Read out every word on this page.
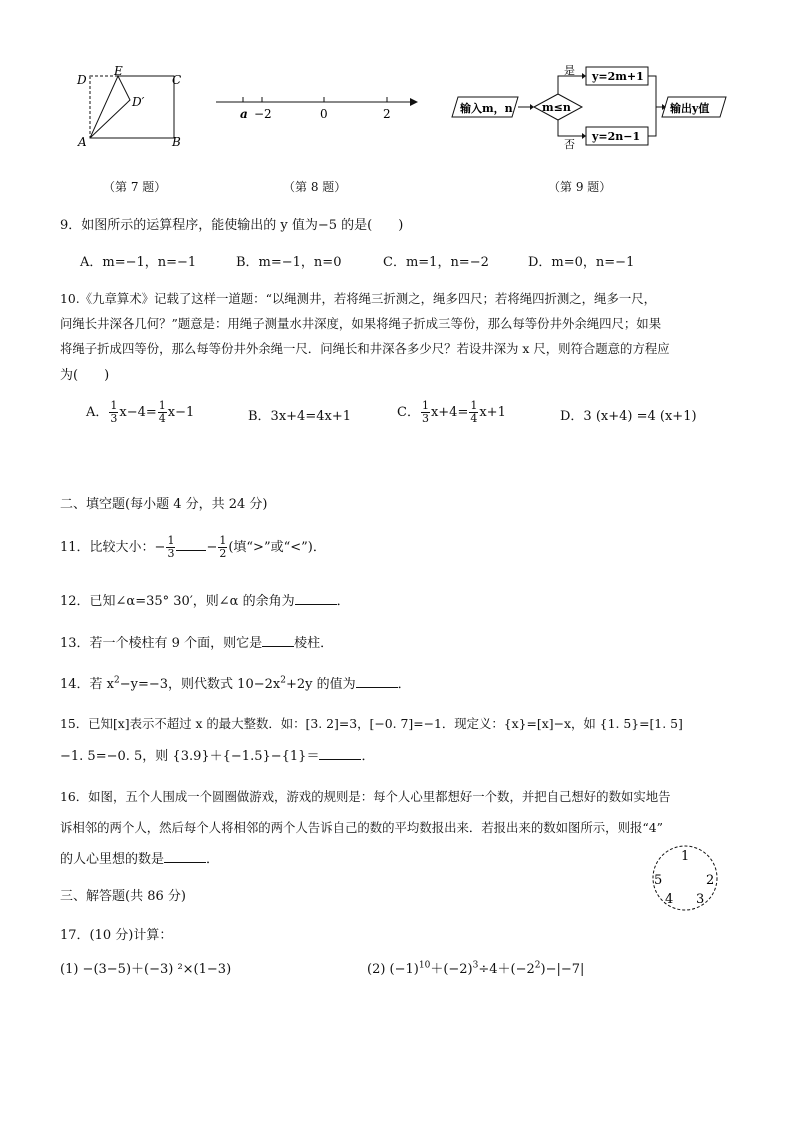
D
E
C
D′
A	B
a −2	0	2	输入m，n	m≤n
是
否
y=2m+1
y=2n−1
输出y值
（第 7 题）	（第 8 题）	（第 9 题）
9．如图所示的运算程序，能使输出的 y 值为−5 的是(　　)
A．m=−1，n=−1	B．m=−1，n=0	C．m=1，n=−2	D．m=0，n=−1
10.《九章算术》记载了这样一道题：“以绳测井，若将绳三折测之，绳多四尺；若将绳四折测之，绳多一尺，
问绳长井深各几何？”题意是：用绳子测量水井深度，如果将绳子折成三等份，那么每等份井外余绳四尺；如果
将绳子折成四等份，那么每等份井外余绳一尺．问绳长和井深各多少尺？若设井深为 x 尺，则符合题意的方程应
为(　　)
A． $\frac{1}{3} x-4= \frac{1}{4} x-1$	B．3x+4=4x+1	C． $\frac{1}{3} x+4= \frac{1}{4} x+1$	D．3 (x+4) =4 (x+1)
二、填空题(每小题 4 分，共 24 分)
11．比较大小：− $\frac{1}{3} - \frac{1}{2}$ (填“>”或“<”)．
12．已知∠α=35° 30′，则∠α 的余角为	．
13．若一个棱柱有 9 个面，则它是 棱柱．
14．若 $x^2-y=-3$，则代数式 $10-2x^2+2y$ 的值为	．
15．已知[x]表示不超过 x 的最大整数．如：[3. 2]=3，[−0. 7]=−1．现定义：{x}=[x]−x，如 {1. 5}=[1. 5]
−1. 5=−0. 5，则 {3.9}＋{−1.5}−{1}＝	．
16．如图，五个人围成一个圆圈做游戏，游戏的规则是：每个人心里都想好一个数，并把自己想好的数如实地告
诉相邻的两个人，然后每个人将相邻的两个人告诉自己的数的平均数报出来．若报出来的数如图所示，则报“4”
的人心里想的数是	．	1
2
3
4
5
三、解答题(共 86 分)
17．(10 分)计算：
(1) −(3−5)＋(−3) ²×(1−3)	(2) $(-1)^{10}+(-2)^3\div 4+(-2^2)-|-7|$
